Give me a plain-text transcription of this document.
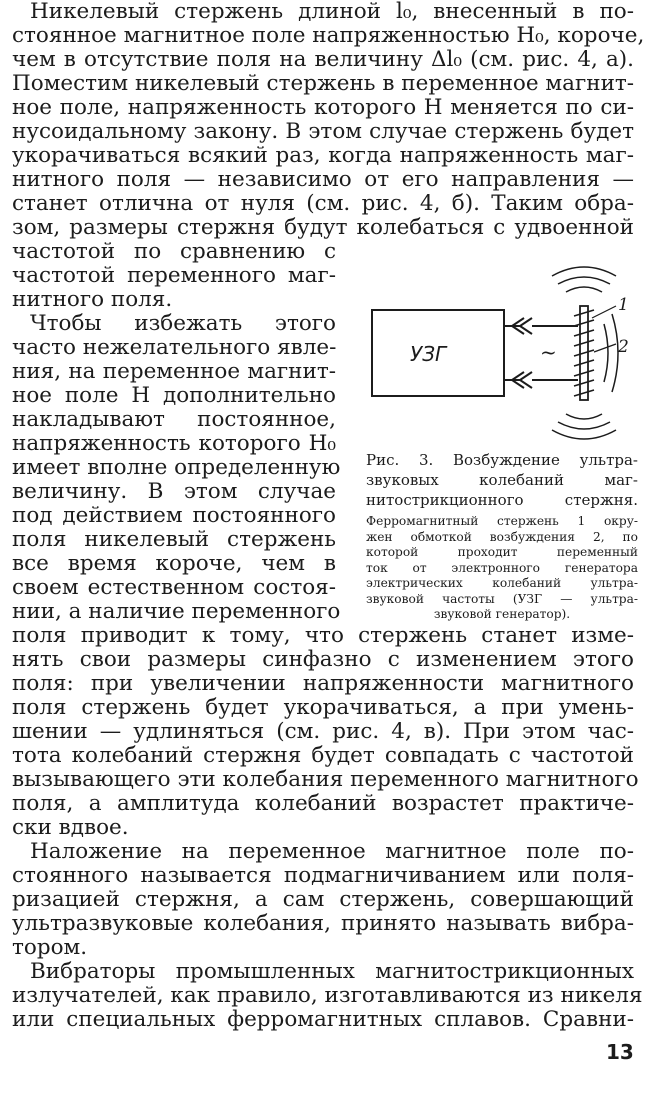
Никелевый стержень длиной l₀, внесенный в по-
стоянное магнитное поле напряженностью H₀, короче,
чем в отсутствие поля на величину Δl₀ (см. рис. 4, а).
Поместим никелевый стержень в переменное магнит-
ное поле, напряженность которого H меняется по си-
нусоидальному закону. В этом случае стержень будет
укорачиваться всякий раз, когда напряженность маг-
нитного поля — независимо от его направления —
станет отлична от нуля (см. рис. 4, б). Таким обра-
зом, размеры стержня будут колебаться с удвоенной
частотой по сравнению с
частотой переменного маг-
нитного поля.
Чтобы избежать этого
часто нежелательного явле-
ния, на переменное магнит-
ное поле H дополнительно
накладывают постоянное,
напряженность которого H₀
имеет вполне определенную
величину. В этом случае
под действием постоянного
поля никелевый стержень
все время короче, чем в
своем естественном состоя-
нии, а наличие переменного
поля приводит к тому, что стержень станет изме-
нять свои размеры синфазно с изменением этого
поля: при увеличении напряженности магнитного
поля стержень будет укорачиваться, а при умень-
шении — удлиняться (см. рис. 4, в). При этом час-
тота колебаний стержня будет совпадать с частотой
вызывающего эти колебания переменного магнитного
поля, а амплитуда колебаний возрастет практиче-
ски вдвое.
Наложение на переменное магнитное поле по-
стоянного называется подмагничиванием или поля-
ризацией стержня, а сам стержень, совершающий
ультразвуковые колебания, принято называть вибра-
тором.
Вибраторы промышленных магнитострикционных
излучателей, как правило, изготавливаются из никеля
или специальных ферромагнитных сплавов. Сравни-
УЗГ	~
1
2
Рис. 3. Возбуждение ультра-
звуковых колебаний маг-
нитострикционного стержня.
Ферромагнитный стержень 1 окру-
жен обмоткой возбуждения 2, по
которой проходит переменный
ток от электронного генератора
электрических колебаний ультра-
звуковой частоты (УЗГ — ультра-
звуковой генератор).
13
